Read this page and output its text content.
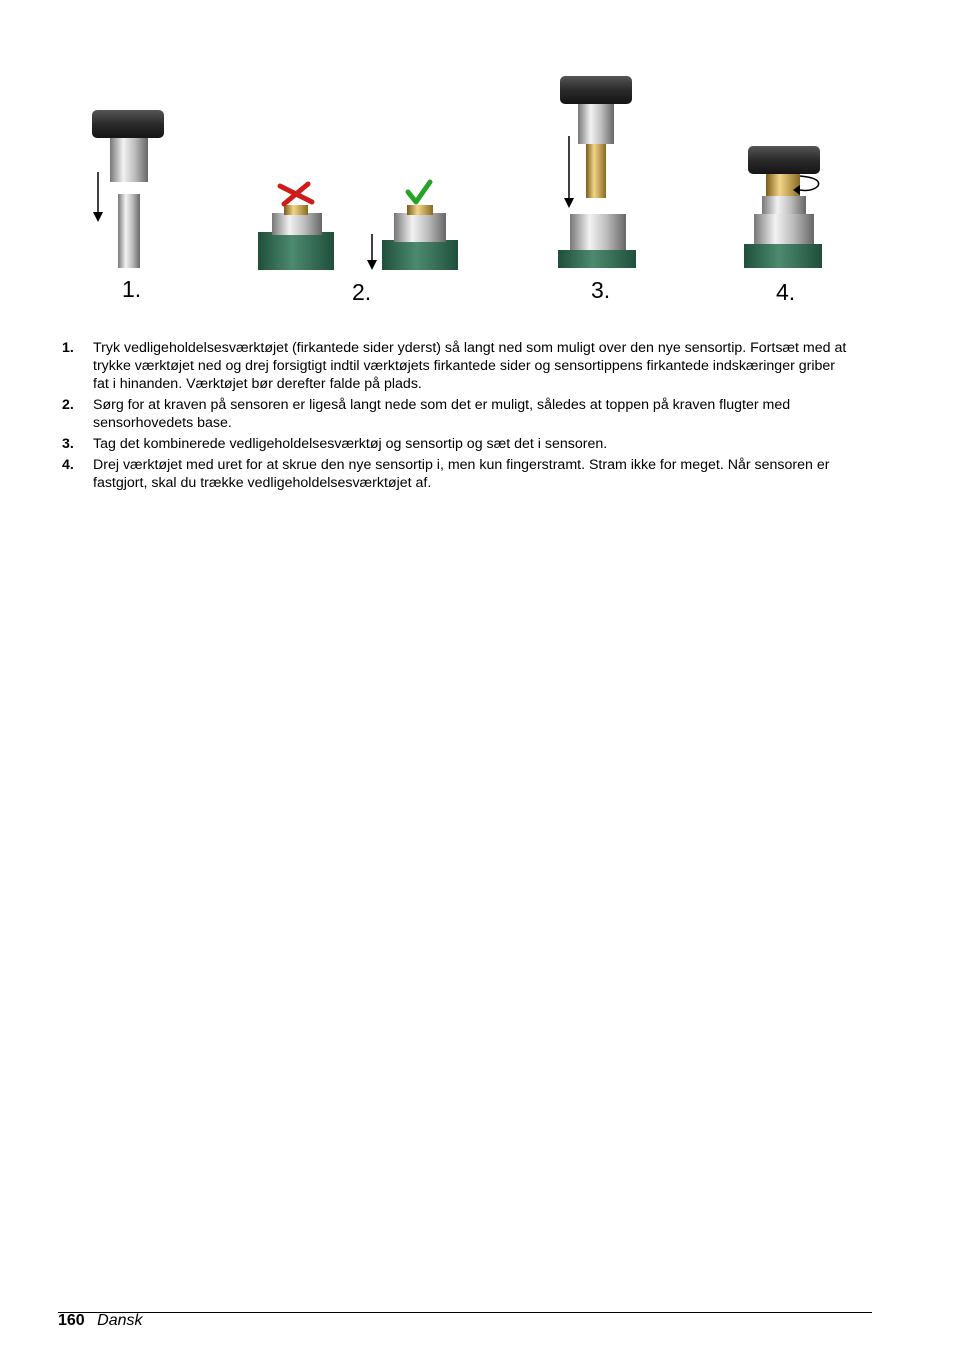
1.	2.	3.	4.
1. Tryk vedligeholdelsesværktøjet (firkantede sider yderst) så langt ned som muligt over den nye sensortip. Fortsæt med at trykke værktøjet ned og drej forsigtigt indtil værktøjets firkantede sider og sensortippens firkantede indskæringer griber fat i hinanden. Værktøjet bør derefter falde på plads.
2. Sørg for at kraven på sensoren er ligeså langt nede som det er muligt, således at toppen på kraven flugter med sensorhovedets base.
3. Tag det kombinerede vedligeholdelsesværktøj og sensortip og sæt det i sensoren.
4. Drej værktøjet med uret for at skrue den nye sensortip i, men kun fingerstramt. Stram ikke for meget. Når sensoren er fastgjort, skal du trække vedligeholdelsesværktøjet af.
160 Dansk
